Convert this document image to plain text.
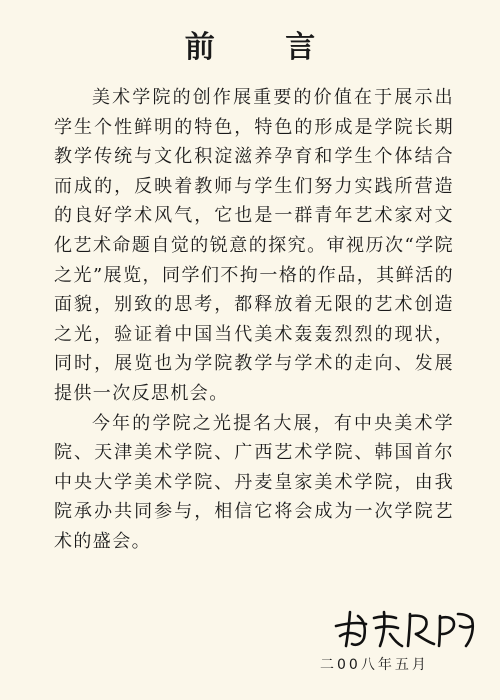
前 言

美术学院的创作展重要的价值在于展示出学生个性鲜明的特色，特色的形成是学院长期教学传统与文化积淀滋养孕育和学生个体结合而成的，反映着教师与学生们努力实践所营造的良好学术风气，它也是一群青年艺术家对文化艺术命题自觉的锐意的探究。审视历次“学院之光”展览，同学们不拘一格的作品，其鲜活的面貌，别致的思考，都释放着无限的艺术创造之光，验证着中国当代美术轰轰烈烈的现状，同时，展览也为学院教学与学术的走向、发展提供一次反思机会。

今年的学院之光提名大展，有中央美术学院、天津美术学院、广西艺术学院、韩国首尔中央大学美术学院、丹麦皇家美术学院，由我院承办共同参与，相信它将会成为一次学院艺术的盛会。

二00八年五月
